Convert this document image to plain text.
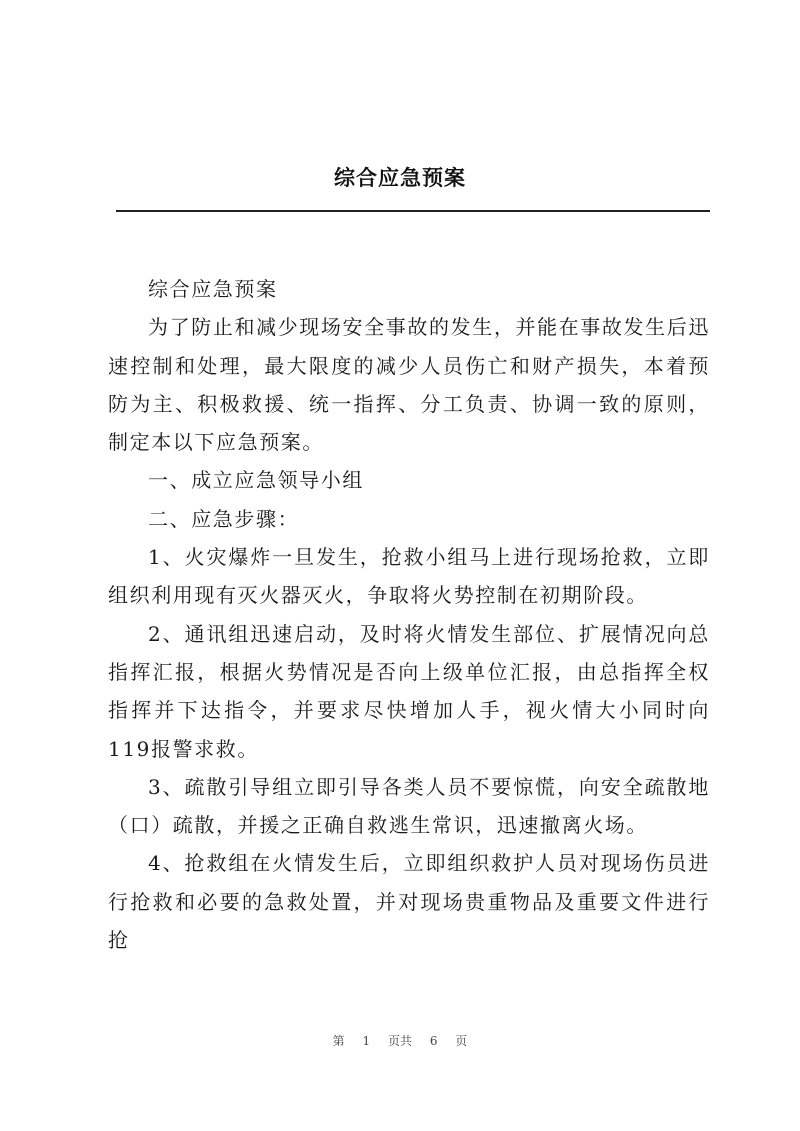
综合应急预案

综合应急预案

为了防止和减少现场安全事故的发生，并能在事故发生后迅速控制和处理，最大限度的减少人员伤亡和财产损失，本着预防为主、积极救援、统一指挥、分工负责、协调一致的原则，制定本以下应急预案。

一、成立应急领导小组

二、应急步骤：

1、火灾爆炸一旦发生，抢救小组马上进行现场抢救，立即组织利用现有灭火器灭火，争取将火势控制在初期阶段。

2、通讯组迅速启动，及时将火情发生部位、扩展情况向总指挥汇报，根据火势情况是否向上级单位汇报，由总指挥全权指挥并下达指令，并要求尽快增加人手，视火情大小同时向119报警求救。

3、疏散引导组立即引导各类人员不要惊慌，向安全疏散地（口）疏散，并援之正确自救逃生常识，迅速撤离火场。

4、抢救组在火情发生后，立即组织救护人员对现场伤员进行抢救和必要的急救处置，并对现场贵重物品及重要文件进行抢

第 1 页共 6 页
